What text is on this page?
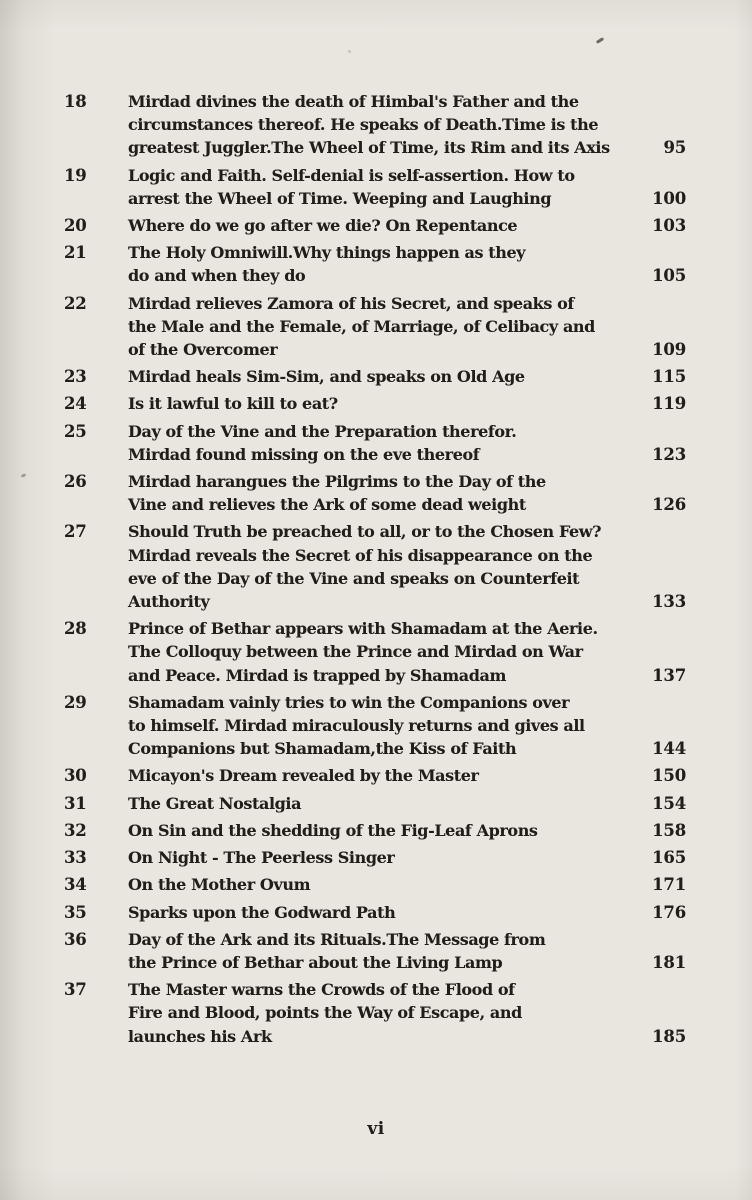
18	Mirdad divines the death of Himbal's Father and the
circumstances thereof. He speaks of Death.Time is the
greatest Juggler.The Wheel of Time, its Rim and its Axis	95
19	Logic and Faith. Self-denial is self-assertion. How to
arrest the Wheel of Time. Weeping and Laughing	100
20	Where do we go after we die? On Repentance	103
21	The Holy Omniwill.Why things happen as they
do and when they do	105
22	Mirdad relieves Zamora of his Secret, and speaks of
the Male and the Female, of Marriage, of Celibacy and
of the Overcomer	109
23	Mirdad heals Sim-Sim, and speaks on Old Age	115
24	Is it lawful to kill to eat?	119
25	Day of the Vine and the Preparation therefor.
Mirdad found missing on the eve thereof	123
26	Mirdad harangues the Pilgrims to the Day of the
Vine and relieves the Ark of some dead weight	126
27	Should Truth be preached to all, or to the Chosen Few?
Mirdad reveals the Secret of his disappearance on the
eve of the Day of the Vine and speaks on Counterfeit
Authority	133
28	Prince of Bethar appears with Shamadam at the Aerie.
The Colloquy between the Prince and Mirdad on War
and Peace. Mirdad is trapped by Shamadam	137
29	Shamadam vainly tries to win the Companions over
to himself. Mirdad miraculously returns and gives all
Companions but Shamadam,the Kiss of Faith	144
30	Micayon's Dream revealed by the Master	150
31	The Great Nostalgia	154
32	On Sin and the shedding of the Fig-Leaf Aprons	158
33	On Night - The Peerless Singer	165
34	On the Mother Ovum	171
35	Sparks upon the Godward Path	176
36	Day of the Ark and its Rituals.The Message from
the Prince of Bethar about the Living Lamp	181
37	The Master warns the Crowds of the Flood of
Fire and Blood, points the Way of Escape, and
launches his Ark	185
vi
